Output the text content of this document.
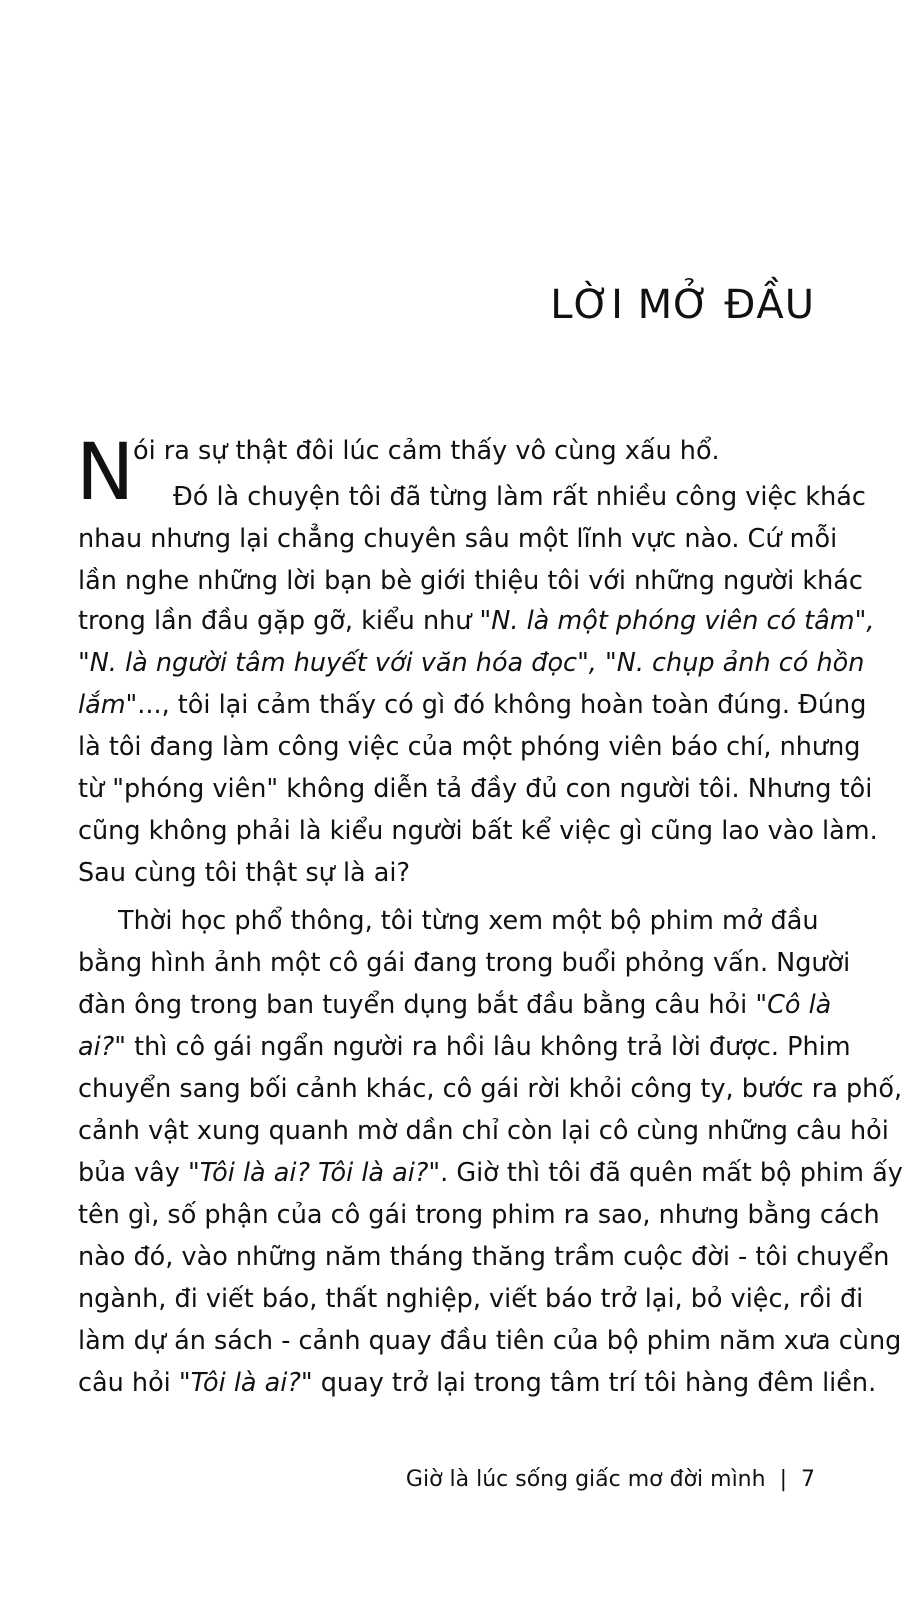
LỜI MỞ ĐẦU
N
ói ra sự thật đôi lúc cảm thấy vô cùng xấu hổ.
Đó là chuyện tôi đã từng làm rất nhiều công việc khác
nhau nhưng lại chẳng chuyên sâu một lĩnh vực nào. Cứ mỗi
lần nghe những lời bạn bè giới thiệu tôi với những người khác
trong lần đầu gặp gỡ, kiểu như "N. là một phóng viên có tâm",
"N. là người tâm huyết với văn hóa đọc", "N. chụp ảnh có hồn
lắm"..., tôi lại cảm thấy có gì đó không hoàn toàn đúng. Đúng
là tôi đang làm công việc của một phóng viên báo chí, nhưng
từ "phóng viên" không diễn tả đầy đủ con người tôi. Nhưng tôi
cũng không phải là kiểu người bất kể việc gì cũng lao vào làm.
Sau cùng tôi thật sự là ai?
Thời học phổ thông, tôi từng xem một bộ phim mở đầu
bằng hình ảnh một cô gái đang trong buổi phỏng vấn. Người
đàn ông trong ban tuyển dụng bắt đầu bằng câu hỏi "Cô là
ai?" thì cô gái ngẩn người ra hồi lâu không trả lời được. Phim
chuyển sang bối cảnh khác, cô gái rời khỏi công ty, bước ra phố,
cảnh vật xung quanh mờ dần chỉ còn lại cô cùng những câu hỏi
bủa vây "Tôi là ai? Tôi là ai?". Giờ thì tôi đã quên mất bộ phim ấy
tên gì, số phận của cô gái trong phim ra sao, nhưng bằng cách
nào đó, vào những năm tháng thăng trầm cuộc đời - tôi chuyển
ngành, đi viết báo, thất nghiệp, viết báo trở lại, bỏ việc, rồi đi
làm dự án sách - cảnh quay đầu tiên của bộ phim năm xưa cùng
câu hỏi "Tôi là ai?" quay trở lại trong tâm trí tôi hàng đêm liền.
Giờ là lúc sống giấc mơ đời mình | 7
